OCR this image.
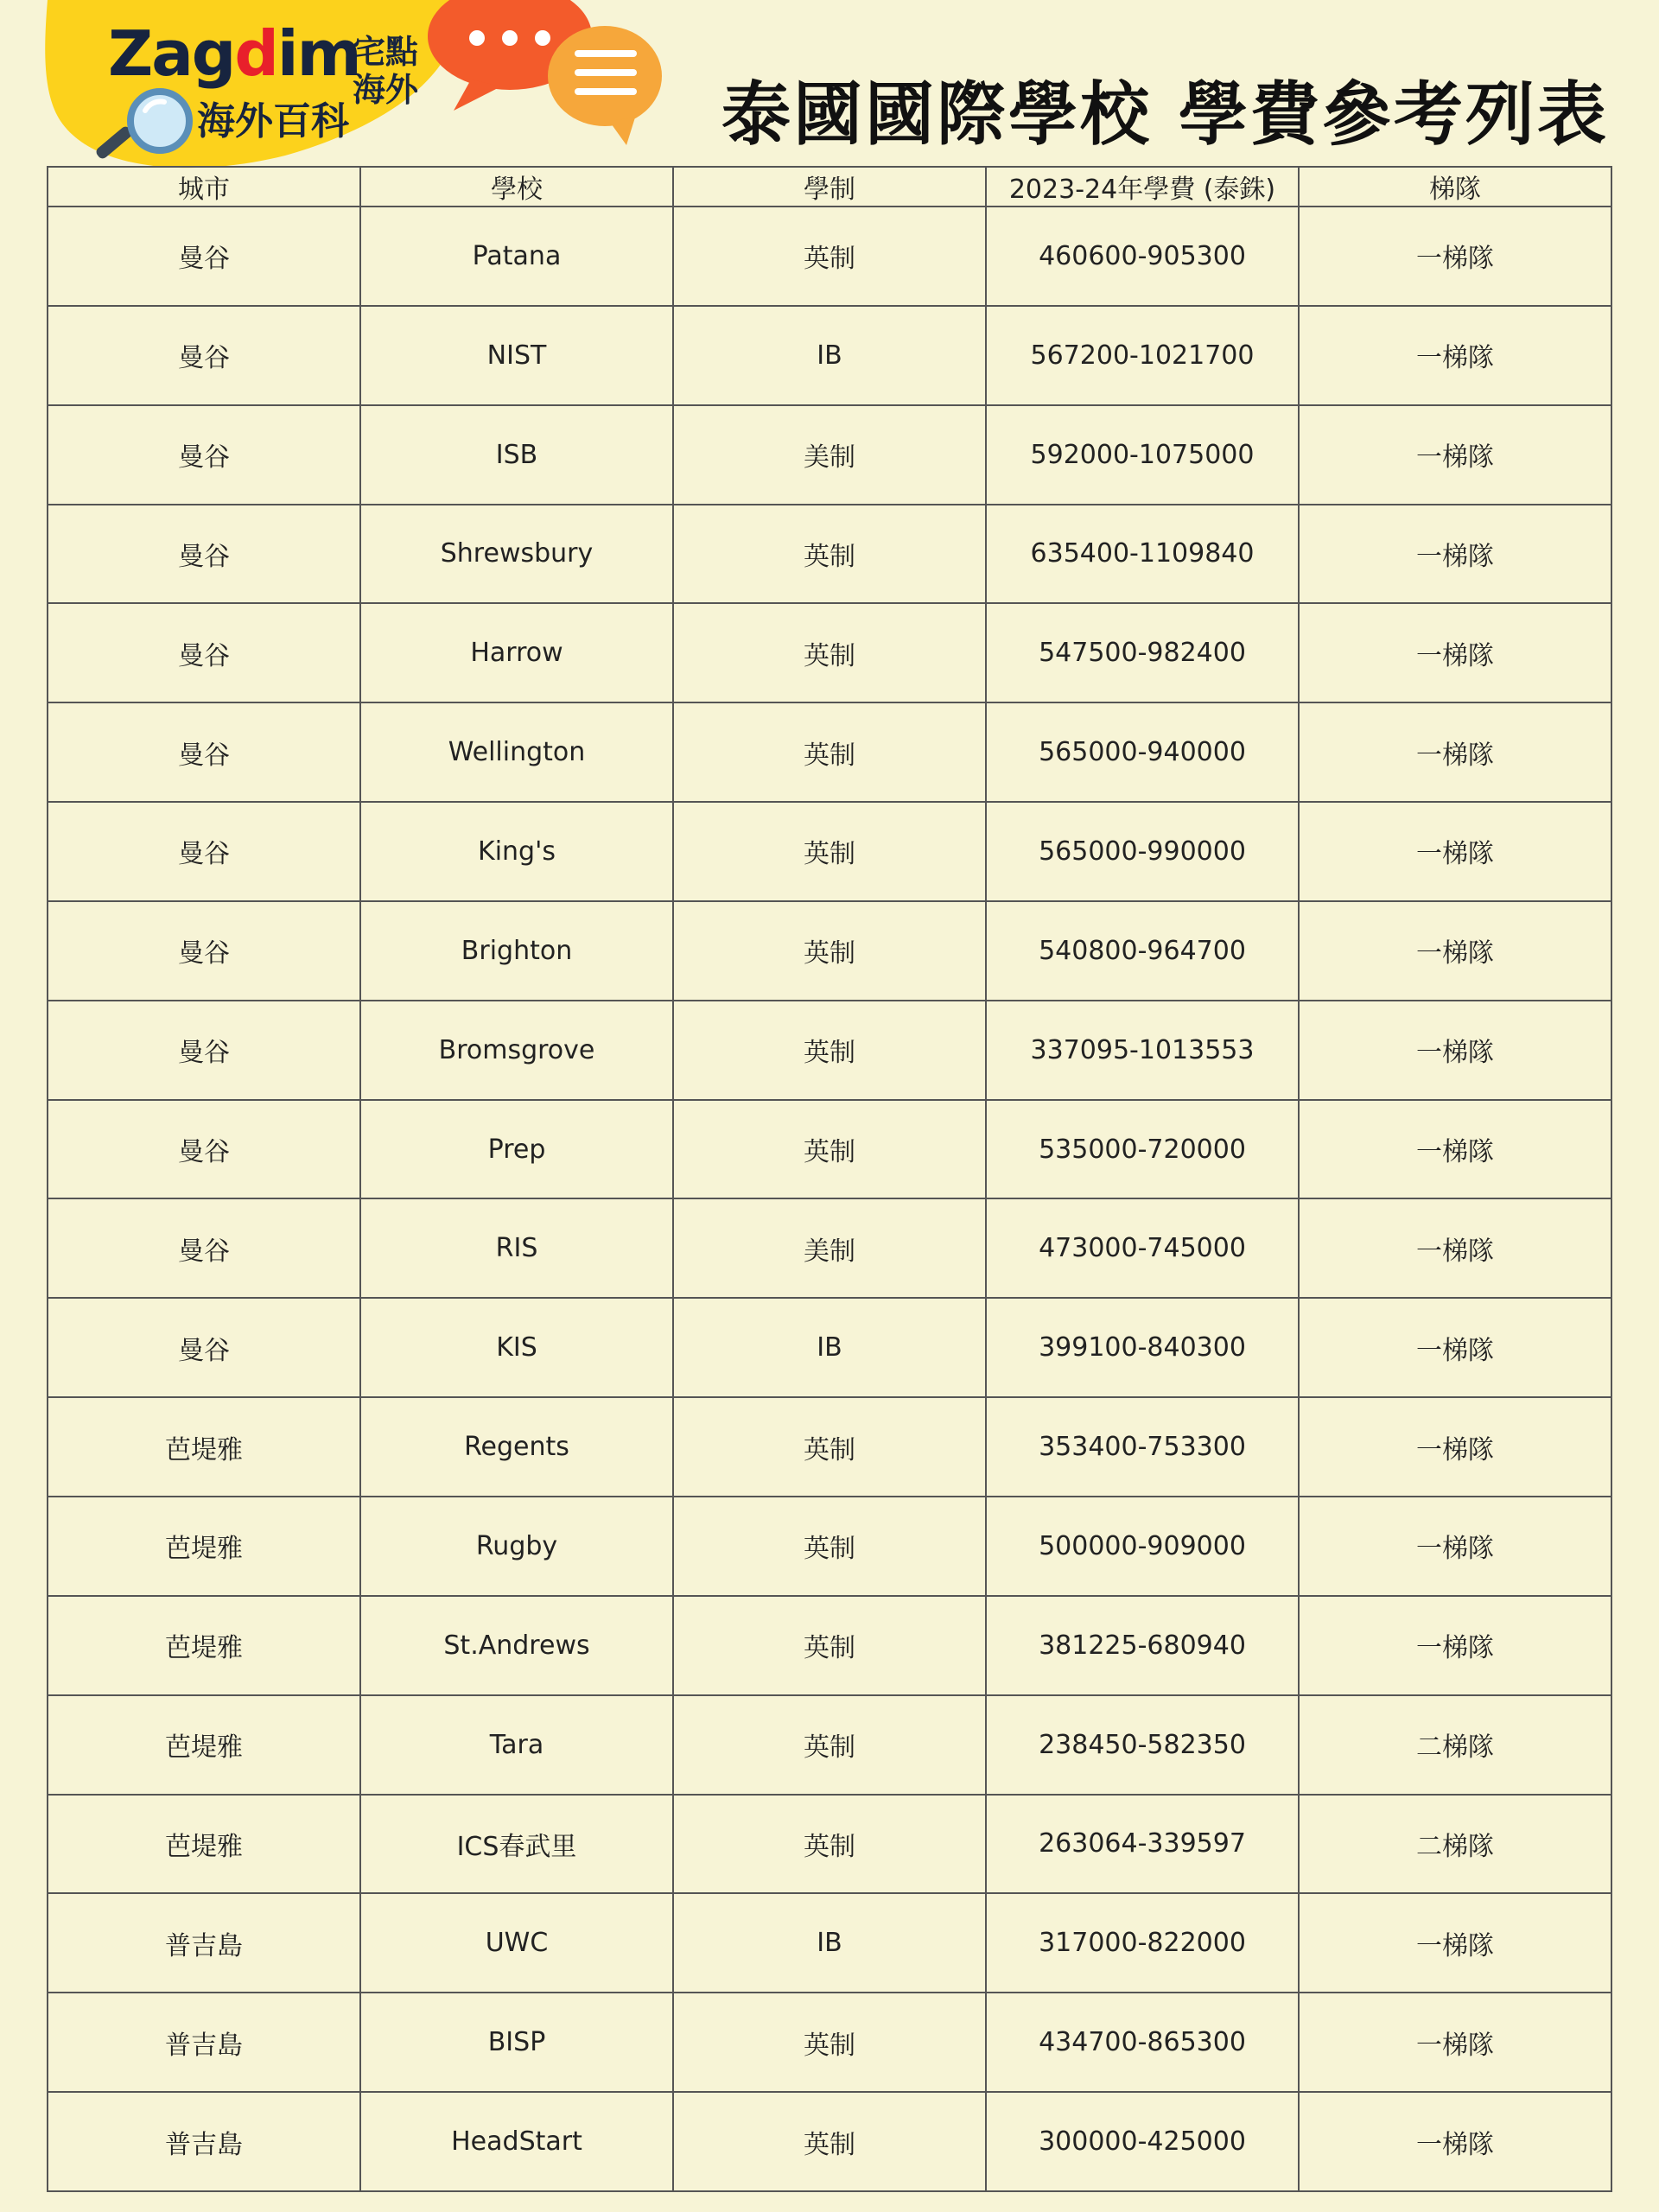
Zagdim
宅點
海外
海外百科	泰國國際學校 學費參考列表
城市	學校	學制	2023-24年學費 (泰銖)	梯隊
曼谷	Patana	英制	460600-905300	一梯隊
曼谷	NIST	IB	567200-1021700	一梯隊
曼谷	ISB	美制	592000-1075000	一梯隊
曼谷	Shrewsbury	英制	635400-1109840	一梯隊
曼谷	Harrow	英制	547500-982400	一梯隊
曼谷	Wellington	英制	565000-940000	一梯隊
曼谷	King's	英制	565000-990000	一梯隊
曼谷	Brighton	英制	540800-964700	一梯隊
曼谷	Bromsgrove	英制	337095-1013553	一梯隊
曼谷	Prep	英制	535000-720000	一梯隊
曼谷	RIS	美制	473000-745000	一梯隊
曼谷	KIS	IB	399100-840300	一梯隊
芭堤雅	Regents	英制	353400-753300	一梯隊
芭堤雅	Rugby	英制	500000-909000	一梯隊
芭堤雅	St.Andrews	英制	381225-680940	一梯隊
芭堤雅	Tara	英制	238450-582350	二梯隊
芭堤雅	ICS春武里	英制	263064-339597	二梯隊
普吉島	UWC	IB	317000-822000	一梯隊
普吉島	BISP	英制	434700-865300	一梯隊
普吉島	HeadStart	英制	300000-425000	一梯隊
